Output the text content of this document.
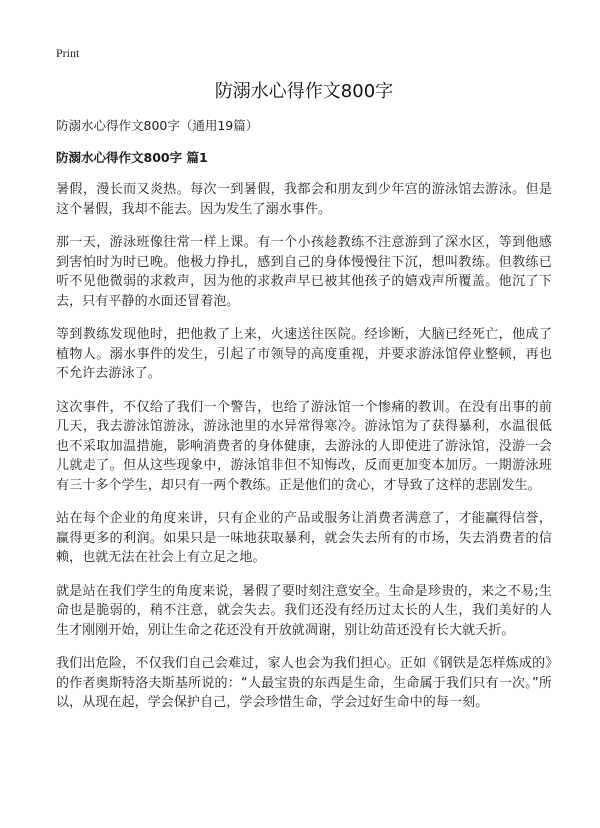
Print
防溺水心得作文800字
防溺水心得作文800字（通用19篇）
防溺水心得作文800字 篇1

暑假，漫长而又炎热。每次一到暑假，我都会和朋友到少年宫的游泳馆去游泳。但是这个暑假，我却不能去。因为发生了溺水事件。

那一天，游泳班像往常一样上课。有一个小孩趁教练不注意游到了深水区，等到他感到害怕时为时已晚。他极力挣扎，感到自己的身体慢慢往下沉，想叫教练。但教练已听不见他微弱的求救声，因为他的求救声早已被其他孩子的嬉戏声所覆盖。他沉了下去，只有平静的水面还冒着泡。

等到教练发现他时，把他救了上来，火速送往医院。经诊断，大脑已经死亡，他成了植物人。溺水事件的发生，引起了市领导的高度重视，并要求游泳馆停业整顿，再也不允许去游泳了。

这次事件，不仅给了我们一个警告，也给了游泳馆一个惨痛的教训。在没有出事的前几天，我去游泳馆游泳，游泳池里的水异常得寒冷。游泳馆为了获得暴利，水温很低也不采取加温措施，影响消费者的身体健康，去游泳的人即使进了游泳馆，没游一会儿就走了。但从这些现象中，游泳馆非但不知悔改，反而更加变本加厉。一期游泳班有三十多个学生，却只有一两个教练。正是他们的贪心，才导致了这样的悲剧发生。

站在每个企业的角度来讲，只有企业的产品或服务让消费者满意了，才能赢得信誉，赢得更多的利润。如果只是一味地获取暴利，就会失去所有的市场，失去消费者的信赖，也就无法在社会上有立足之地。

就是站在我们学生的角度来说，暑假了要时刻注意安全。生命是珍贵的，来之不易;生命也是脆弱的，稍不注意，就会失去。我们还没有经历过太长的人生，我们美好的人生才刚刚开始，别让生命之花还没有开放就凋谢，别让幼苗还没有长大就夭折。

我们出危险，不仅我们自己会难过，家人也会为我们担心。正如《钢铁是怎样炼成的》的作者奥斯特洛夫斯基所说的：“人最宝贵的东西是生命，生命属于我们只有一次。”所以，从现在起，学会保护自己，学会珍惜生命，学会过好生命中的每一刻。
